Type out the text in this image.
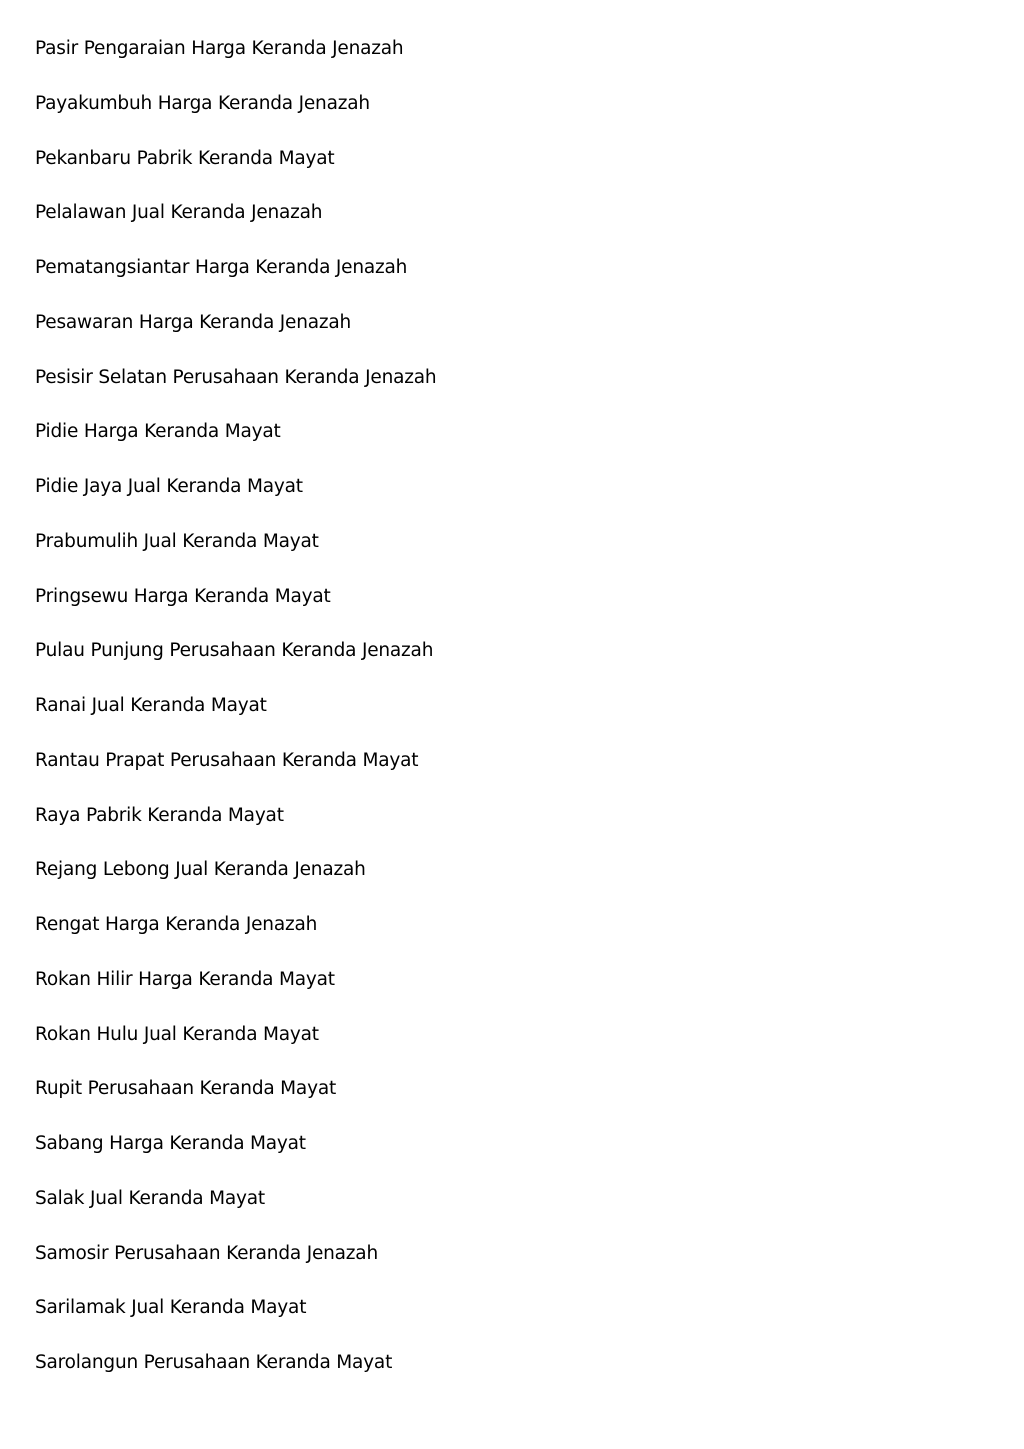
Pasir Pengaraian Harga Keranda Jenazah
Payakumbuh Harga Keranda Jenazah
Pekanbaru Pabrik Keranda Mayat
Pelalawan Jual Keranda Jenazah
Pematangsiantar Harga Keranda Jenazah
Pesawaran Harga Keranda Jenazah
Pesisir Selatan Perusahaan Keranda Jenazah
Pidie Harga Keranda Mayat
Pidie Jaya Jual Keranda Mayat
Prabumulih Jual Keranda Mayat
Pringsewu Harga Keranda Mayat
Pulau Punjung Perusahaan Keranda Jenazah
Ranai Jual Keranda Mayat
Rantau Prapat Perusahaan Keranda Mayat
Raya Pabrik Keranda Mayat
Rejang Lebong Jual Keranda Jenazah
Rengat Harga Keranda Jenazah
Rokan Hilir Harga Keranda Mayat
Rokan Hulu Jual Keranda Mayat
Rupit Perusahaan Keranda Mayat
Sabang Harga Keranda Mayat
Salak Jual Keranda Mayat
Samosir Perusahaan Keranda Jenazah
Sarilamak Jual Keranda Mayat
Sarolangun Perusahaan Keranda Mayat
